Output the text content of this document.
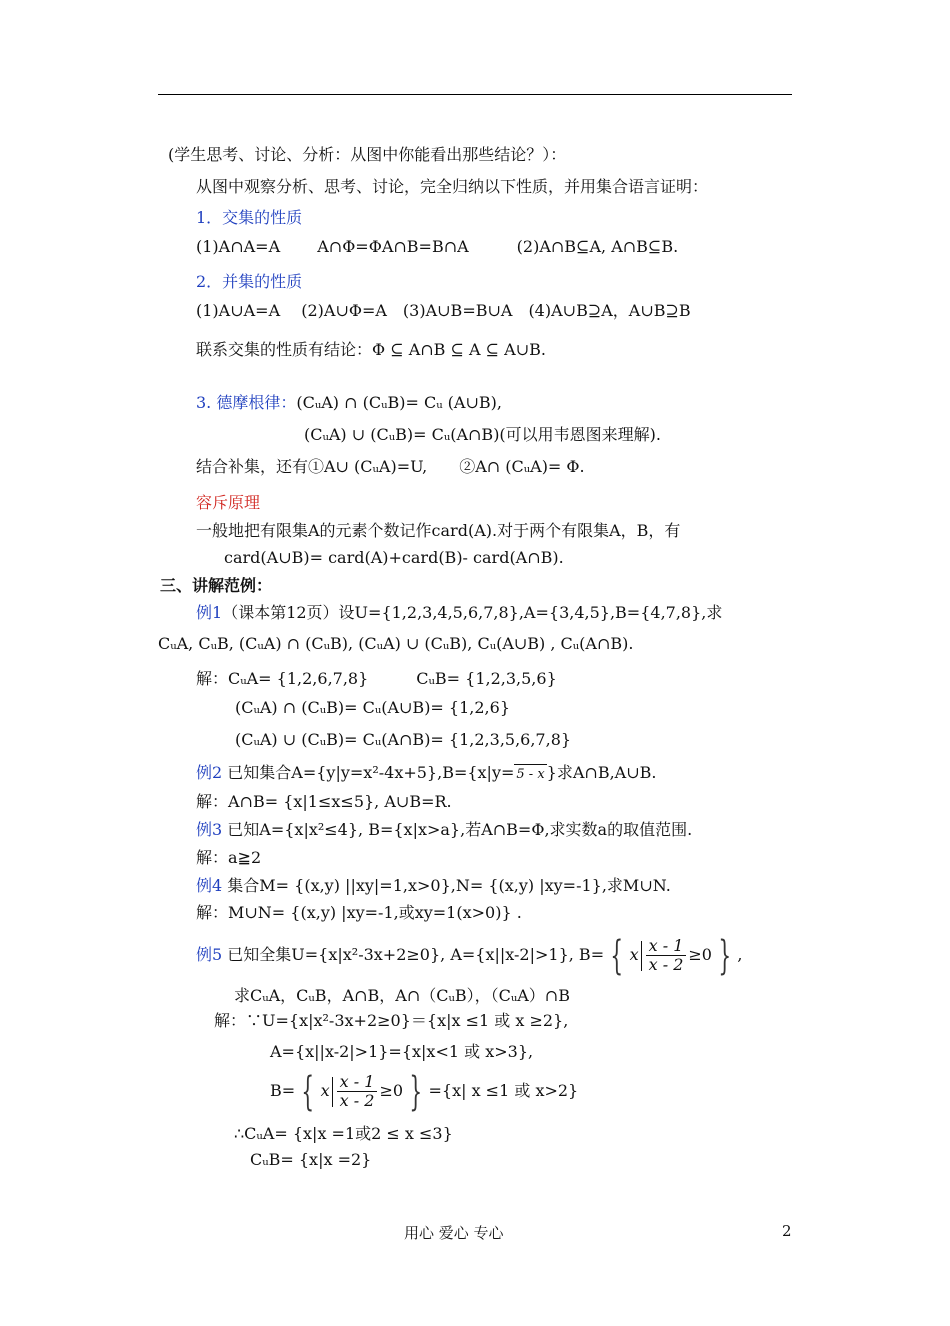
(学生思考、讨论、分析：从图中你能看出那些结论？）：
从图中观察分析、思考、讨论，完全归纳以下性质，并用集合语言证明：
1．交集的性质
(1)A∩A=A　　 A∩Φ=ΦA∩B=B∩A　　　(2)A∩B⊆A, A∩B⊆B.
2．并集的性质
(1)A∪A=A　 (2)A∪Φ=A　(3)A∪B=B∪A　(4)A∪B⊇A，A∪B⊇B
联系交集的性质有结论：Φ ⊆ A∩B ⊆ A ⊆ A∪B.
3. 德摩根律：(CᵤA) ∩ (CᵤB)= Cᵤ (A∪B),
(CᵤA) ∪ (CᵤB)= Cᵤ(A∩B)(可以用韦恩图来理解).
结合补集，还有①A∪ (CᵤA)=U,　　②A∩ (CᵤA)= Φ.
容斥原理
一般地把有限集A的元素个数记作card(A).对于两个有限集A，B，有
card(A∪B)= card(A)+card(B)- card(A∩B).
三、讲解范例：
例1（课本第12页）设U={1,2,3,4,5,6,7,8},A={3,4,5},B={4,7,8},求
CᵤA, CᵤB, (CᵤA) ∩ (CᵤB), (CᵤA) ∪ (CᵤB), Cᵤ(A∪B) , Cᵤ(A∩B).
解：CᵤA= {1,2,6,7,8}　　　CᵤB= {1,2,3,5,6}
(CᵤA) ∩ (CᵤB)= Cᵤ(A∪B)= {1,2,6}
(CᵤA) ∪ (CᵤB)= Cᵤ(A∩B)= {1,2,3,5,6,7,8}
例2 已知集合A={y|y=x²-4x+5},B={x|y= 5 - x }求A∩B,A∪B.
解：A∩B= {x|1≤x≤5}, A∪B=R.
例3 已知A={x|x²≤4}, B={x|x>a},若A∩B=Φ,求实数a的取值范围.
解：a≧2
例4 集合M= {(x,y) ||xy|=1,x>0},N= {(x,y) |xy=-1},求M∪N.
解：M∪N= {(x,y) |xy=-1,或xy=1(x>0)} .
例5 已知全集U={x|x²-3x+2≥0}, A={x||x-2|>1}, B= { x $\frac{x - 1}{x - 2} \ge 0$ } ,
求CᵤA，CᵤB，A∩B，A∩（CᵤB），（CᵤA）∩B
解：∵U={x|x²-3x+2≥0}＝{x|x ≤1 或 x ≥2},
A={x||x-2|>1}={x|x<1 或 x>3},
B= { x $\frac{x - 1}{x - 2} \ge 0$ } ={x| x ≤1 或 x>2}
∴CᵤA= {x|x =1或2 ≤ x ≤3}
CᵤB= {x|x =2}
用心 爱心 专心	2
